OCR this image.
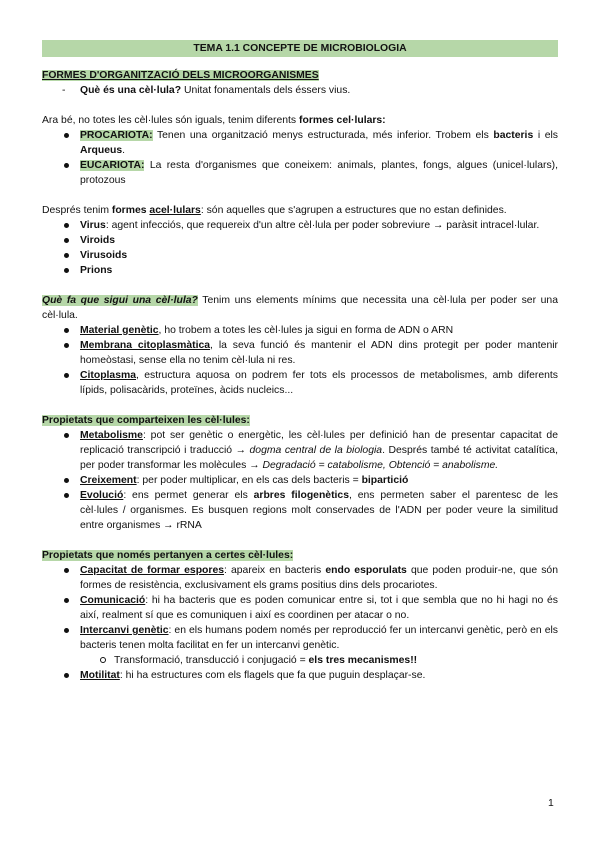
TEMA 1.1 CONCEPTE DE MICROBIOLOGIA

FORMES D'ORGANITZACIÓ DELS MICROORGANISMES

- Què és una cèl·lula? Unitat fonamentals dels éssers vius.

Ara bé, no totes les cèl·lules són iguals, tenim diferents formes cel·lulars:

PROCARIOTA: Tenen una organització menys estructurada, més inferior. Trobem els bacteris i els Arqueus.
EUCARIOTA: La resta d'organismes que coneixem: animals, plantes, fongs, algues (unicel·lulars), protozous

Després tenim formes acel·lulars: són aquelles que s'agrupen a estructures que no estan definides.

Virus: agent infecciós, que requereix d'un altre cèl·lula per poder sobreviure → paràsit intracel·lular.
Viroids
Virusoids
Prions

Què fa que sigui una cèl·lula? Tenim uns elements mínims que necessita una cèl·lula per poder ser una cèl·lula.

Material genètic, ho trobem a totes les cèl·lules ja sigui en forma de ADN o ARN
Membrana citoplasmàtica, la seva funció és mantenir el ADN dins protegit per poder mantenir homeòstasi, sense ella no tenim cèl·lula ni res.
Citoplasma, estructura aquosa on podrem fer tots els processos de metabolismes, amb diferents lípids, polisacàrids, proteïnes, àcids nucleics...

Propietats que comparteixen les cèl·lules:

Metabolisme: pot ser genètic o energètic, les cèl·lules per definició han de presentar capacitat de replicació transcripció i traducció → dogma central de la biologia. Després també té activitat catalítica, per poder transformar les molècules → Degradació = catabolisme, Obtenció = anabolisme.
Creixement: per poder multiplicar, en els cas dels bacteris = bipartició
Evolució: ens permet generar els arbres filogenètics, ens permeten saber el parentesc de les cèl·lules / organismes. Es busquen regions molt conservades de l'ADN per poder veure la similitud entre organismes → rRNA

Propietats que només pertanyen a certes cèl·lules:

Capacitat de formar espores: apareix en bacteris endo esporulats que poden produir-ne, que són formes de resistència, exclusivament els grams positius dins dels procariotes.
Comunicació: hi ha bacteris que es poden comunicar entre si, tot i que sembla que no hi hagi no és així, realment sí que es comuniquen i així es coordinen per atacar o no.
Intercanvi genètic: en els humans podem només per reproducció fer un intercanvi genètic, però en els bacteris tenen molta facilitat en fer un intercanvi genètic.
Transformació, transducció i conjugació = els tres mecanismes!!
Motilitat: hi ha estructures com els flagels que fa que puguin desplaçar-se.
1
